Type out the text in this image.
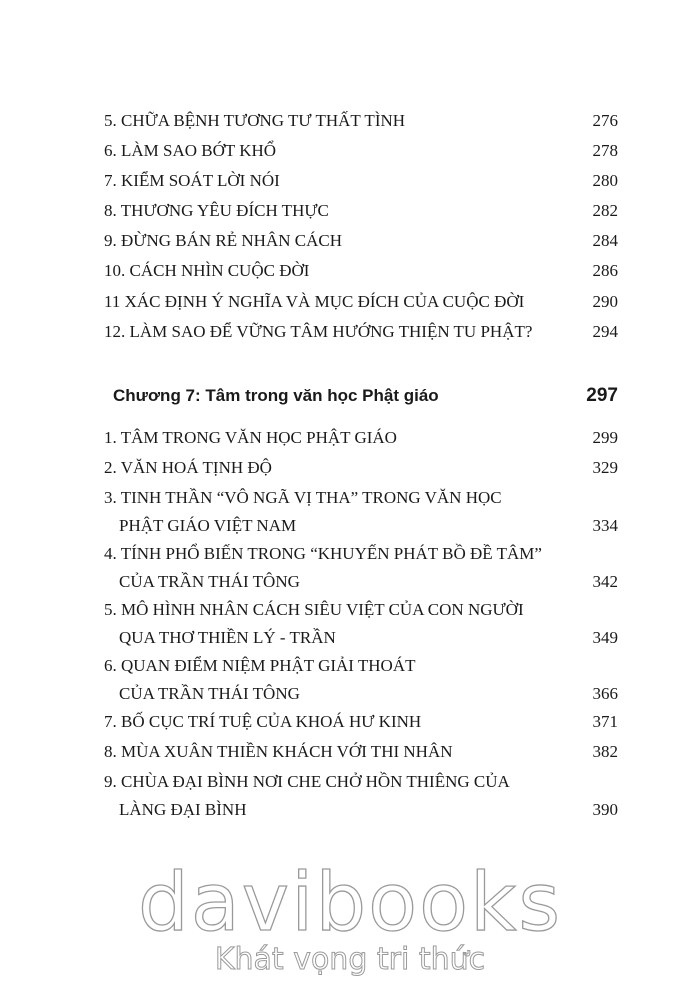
5. CHỮA BỆNH TƯƠNG TƯ THẤT TÌNH	276
6. LÀM SAO BỚT KHỔ	278
7. KIỂM SOÁT LỜI NÓI	280
8. THƯƠNG YÊU ĐÍCH THỰC	282
9. ĐỪNG BÁN RẺ NHÂN CÁCH	284
10. CÁCH NHÌN CUỘC ĐỜI	286
11 XÁC ĐỊNH Ý NGHĨA VÀ MỤC ĐÍCH CỦA CUỘC ĐỜI	290
12. LÀM SAO ĐỂ VỮNG TÂM HƯỚNG THIỆN TU PHẬT?	294
Chương 7: Tâm trong văn học Phật giáo	297
1. TÂM TRONG VĂN HỌC PHẬT GIÁO	299
2. VĂN HOÁ TỊNH ĐỘ	329
3. TINH THẦN “VÔ NGÃ VỊ THA” TRONG VĂN HỌC
PHẬT GIÁO VIỆT NAM	334
4. TÍNH PHỔ BIẾN TRONG “KHUYẾN PHÁT BỒ ĐỀ TÂM”
CỦA TRẦN THÁI TÔNG	342
5. MÔ HÌNH NHÂN CÁCH SIÊU VIỆT CỦA CON NGƯỜI
QUA THƠ THIỀN LÝ - TRẦN	349
6. QUAN ĐIỂM NIỆM PHẬT GIẢI THOÁT
CỦA TRẦN THÁI TÔNG	366
7. BỐ CỤC TRÍ TUỆ CỦA KHOÁ HƯ KINH	371
8. MÙA XUÂN THIỀN KHÁCH VỚI THI NHÂN	382
9. CHÙA ĐẠI BÌNH NƠI CHE CHỞ HỒN THIÊNG CỦA
LÀNG ĐẠI BÌNH	390
davibooks
Khát vọng tri thức
